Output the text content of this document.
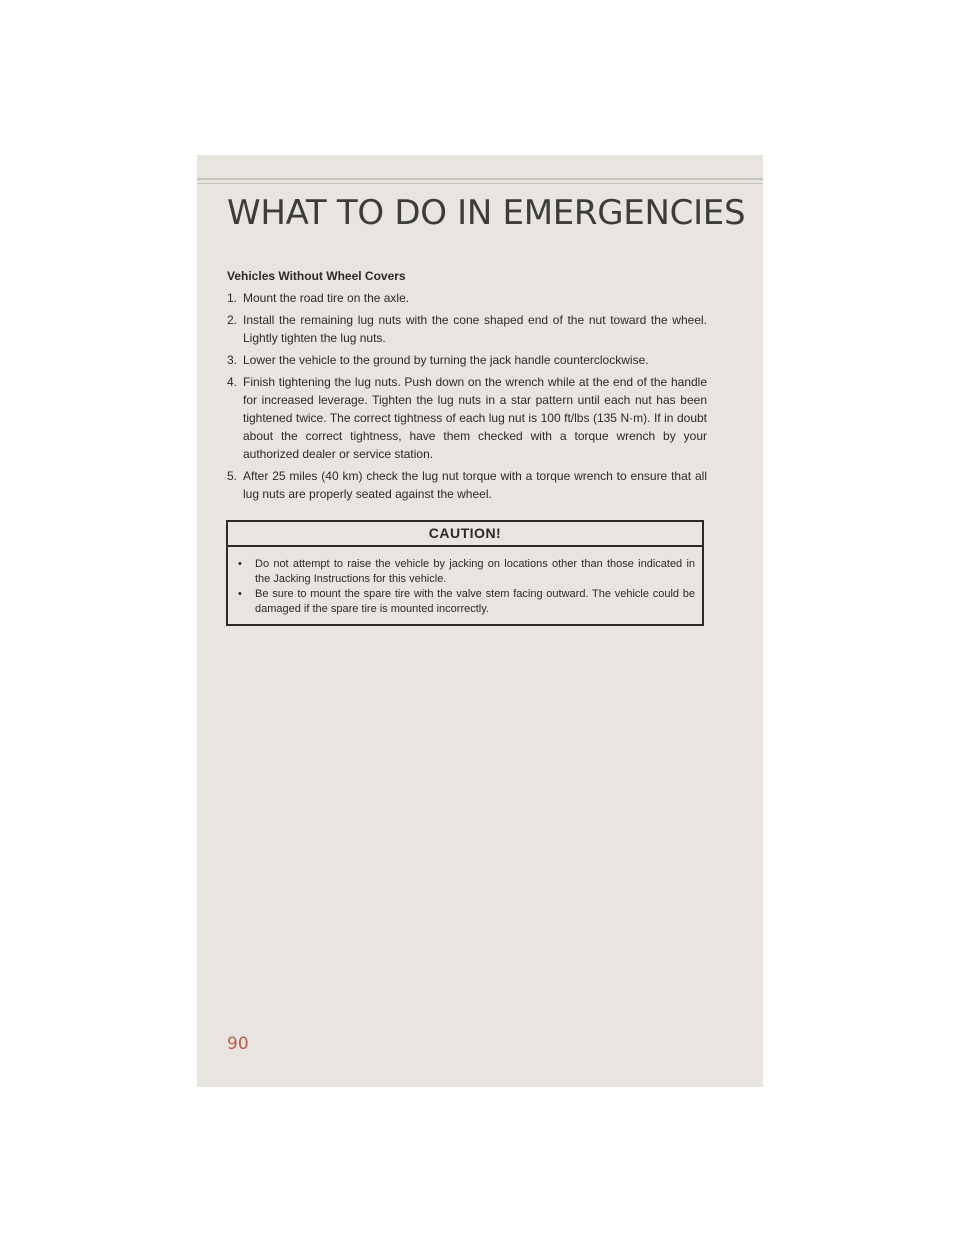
WHAT TO DO IN EMERGENCIES
Vehicles Without Wheel Covers
1. Mount the road tire on the axle.
2. Install the remaining lug nuts with the cone shaped end of the nut toward the wheel. Lightly tighten the lug nuts.
3. Lower the vehicle to the ground by turning the jack handle counterclockwise.
4. Finish tightening the lug nuts. Push down on the wrench while at the end of the handle for increased leverage. Tighten the lug nuts in a star pattern until each nut has been tightened twice. The correct tightness of each lug nut is 100 ft/lbs (135 N·m). If in doubt about the correct tightness, have them checked with a torque wrench by your authorized dealer or service station.
5. After 25 miles (40 km) check the lug nut torque with a torque wrench to ensure that all lug nuts are properly seated against the wheel.
CAUTION!
• Do not attempt to raise the vehicle by jacking on locations other than those indicated in the Jacking Instructions for this vehicle.
• Be sure to mount the spare tire with the valve stem facing outward. The vehicle could be damaged if the spare tire is mounted incorrectly.
90
